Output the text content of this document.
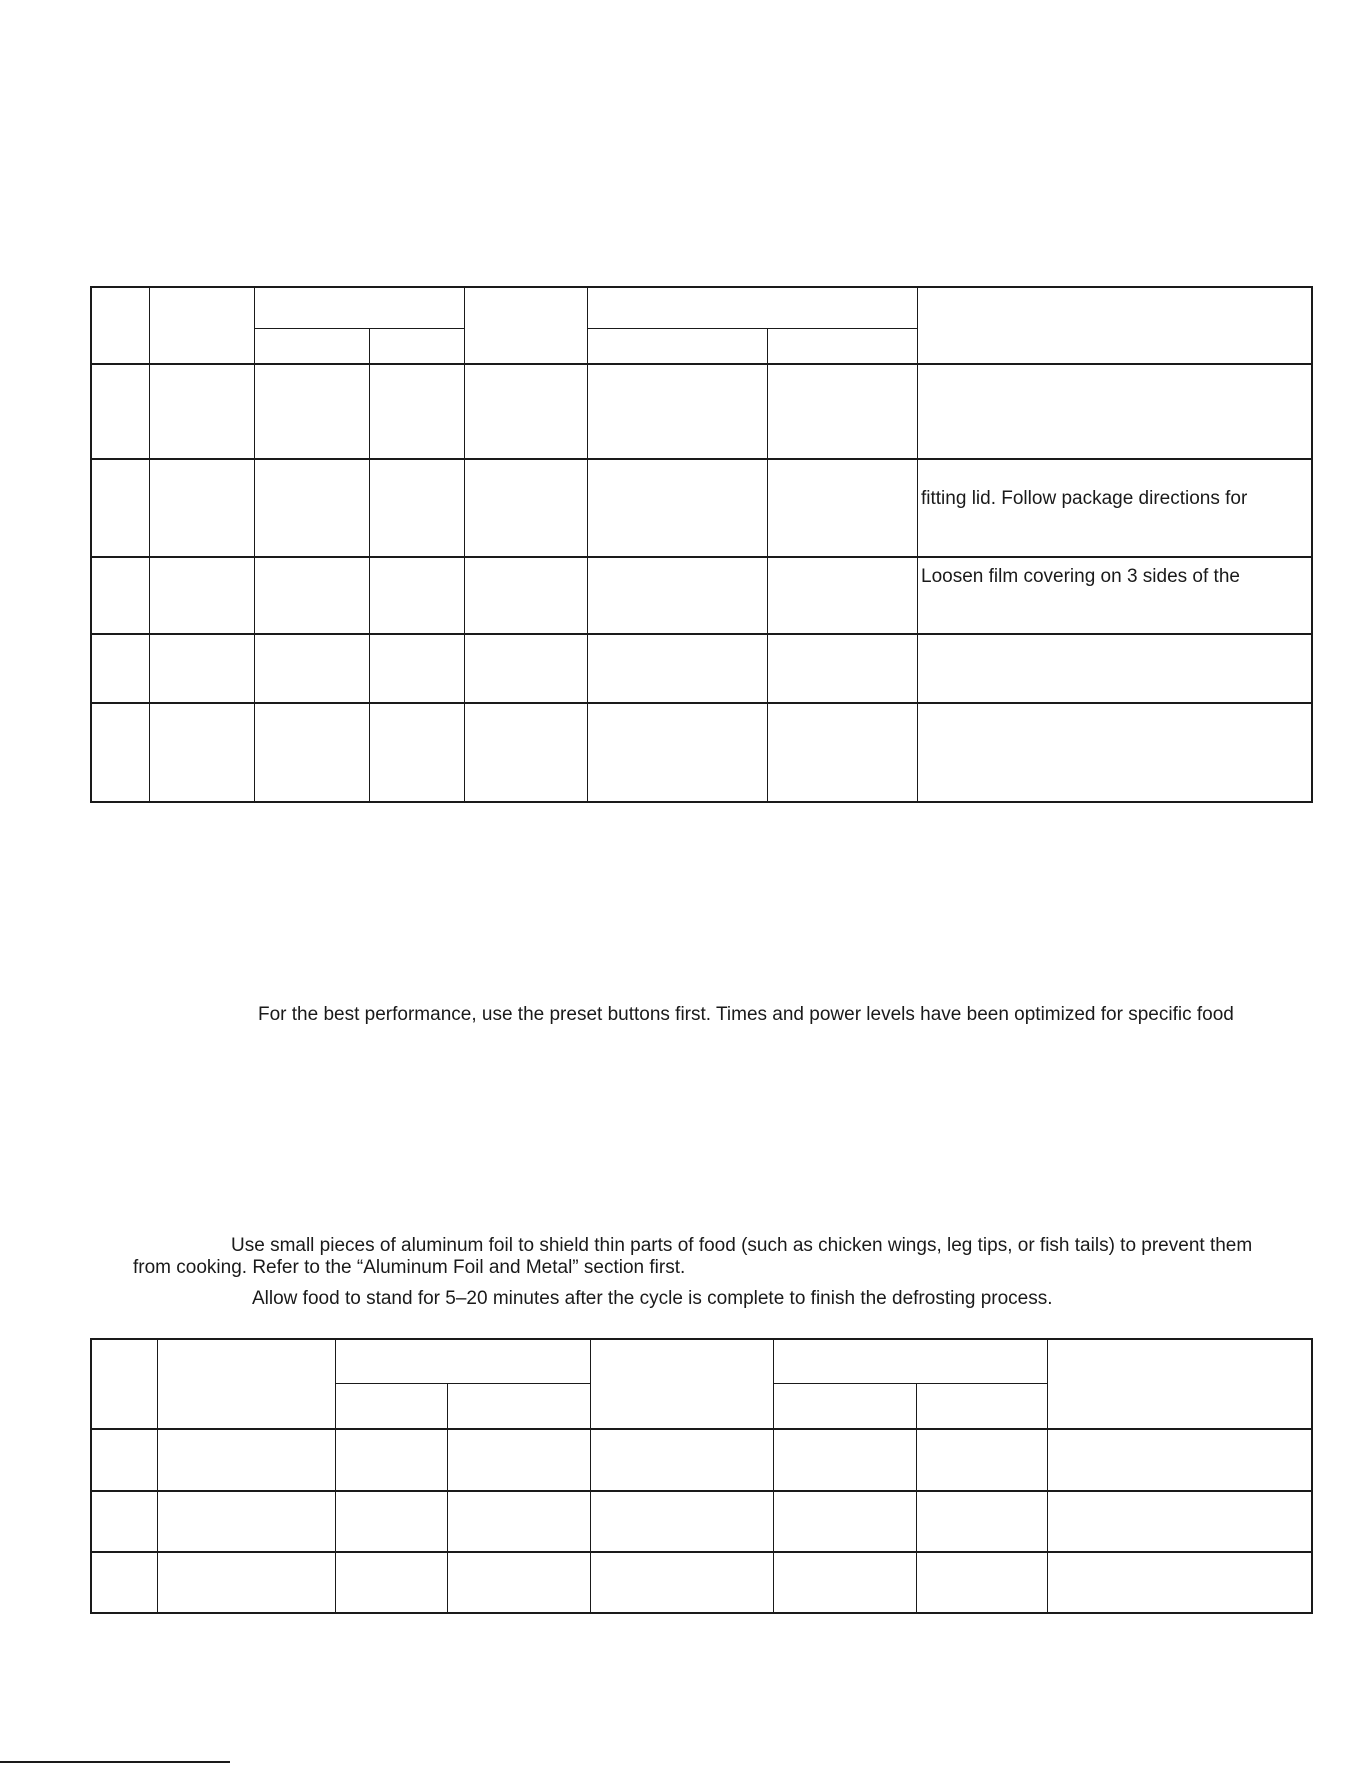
fitting lid. Follow package directions for
Loosen film covering on 3 sides of the

For the best performance, use the preset buttons first. Times and power levels have been optimized for specific food

Use small pieces of aluminum foil to shield thin parts of food (such as chicken wings, leg tips, or fish tails) to prevent them

from cooking. Refer to the “Aluminum Foil and Metal” section first.

Allow food to stand for 5–20 minutes after the cycle is complete to finish the defrosting process.
